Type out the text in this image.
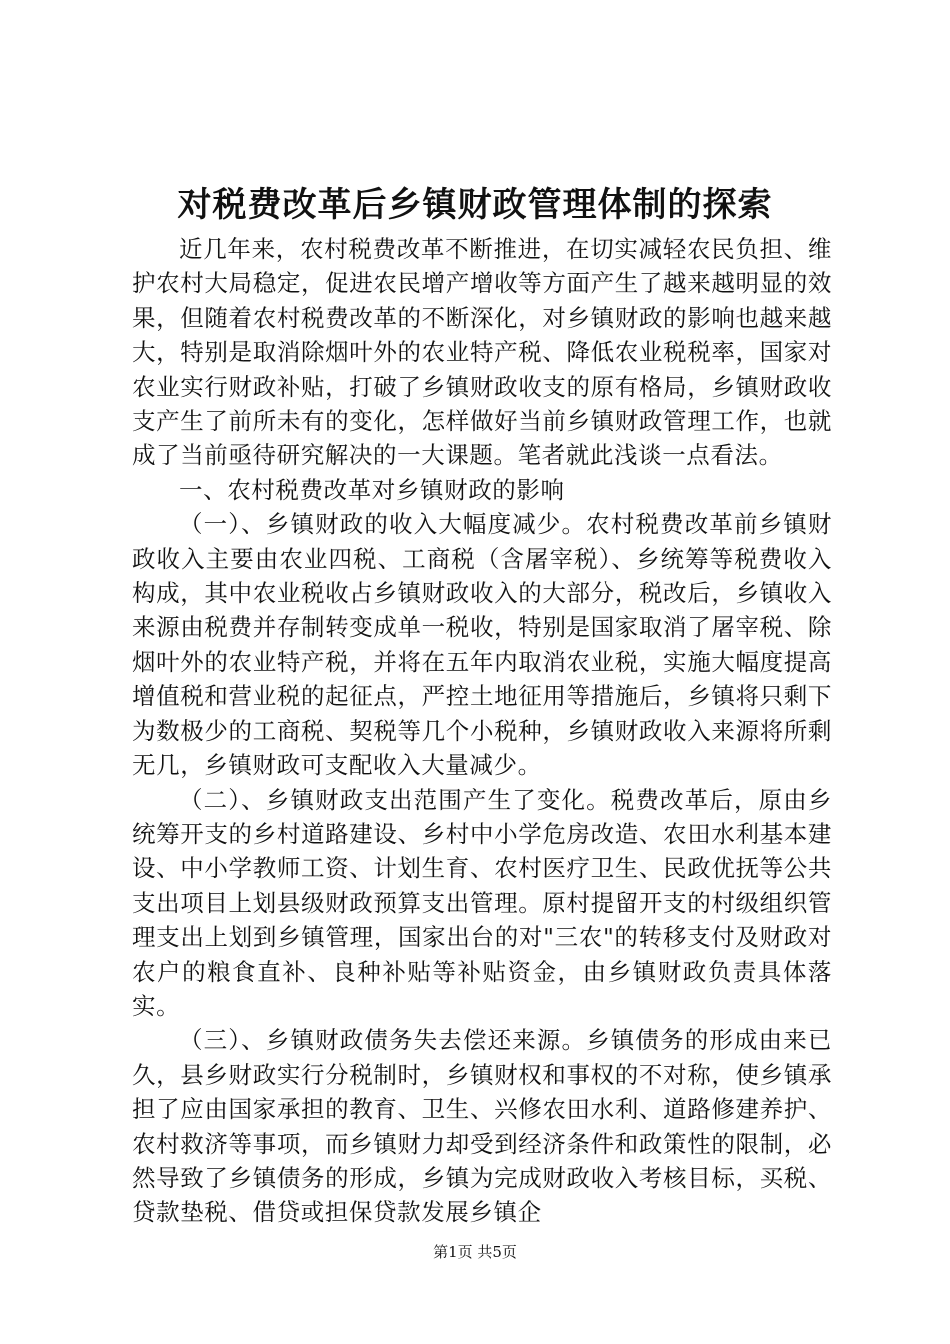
对税费改革后乡镇财政管理体制的探索

近几年来，农村税费改革不断推进，在切实减轻农民负担、维护农村大局稳定，促进农民增产增收等方面产生了越来越明显的效果，但随着农村税费改革的不断深化，对乡镇财政的影响也越来越大，特别是取消除烟叶外的农业特产税、降低农业税税率，国家对农业实行财政补贴，打破了乡镇财政收支的原有格局，乡镇财政收支产生了前所未有的变化，怎样做好当前乡镇财政管理工作，也就成了当前亟待研究解决的一大课题。笔者就此浅谈一点看法。

一、农村税费改革对乡镇财政的影响

（一）、乡镇财政的收入大幅度减少。农村税费改革前乡镇财政收入主要由农业四税、工商税（含屠宰税）、乡统筹等税费收入构成，其中农业税收占乡镇财政收入的大部分，税改后，乡镇收入来源由税费并存制转变成单一税收，特别是国家取消了屠宰税、除烟叶外的农业特产税，并将在五年内取消农业税，实施大幅度提高增值税和营业税的起征点，严控土地征用等措施后，乡镇将只剩下为数极少的工商税、契税等几个小税种，乡镇财政收入来源将所剩无几，乡镇财政可支配收入大量减少。

（二）、乡镇财政支出范围产生了变化。税费改革后，原由乡统筹开支的乡村道路建设、乡村中小学危房改造、农田水利基本建设、中小学教师工资、计划生育、农村医疗卫生、民政优抚等公共支出项目上划县级财政预算支出管理。原村提留开支的村级组织管理支出上划到乡镇管理，国家出台的对"三农"的转移支付及财政对农户的粮食直补、良种补贴等补贴资金，由乡镇财政负责具体落实。

（三）、乡镇财政债务失去偿还来源。乡镇债务的形成由来已久，县乡财政实行分税制时，乡镇财权和事权的不对称，使乡镇承担了应由国家承担的教育、卫生、兴修农田水利、道路修建养护、农村救济等事项，而乡镇财力却受到经济条件和政策性的限制，必然导致了乡镇债务的形成，乡镇为完成财政收入考核目标，买税、贷款垫税、借贷或担保贷款发展乡镇企

第1页 共5页
